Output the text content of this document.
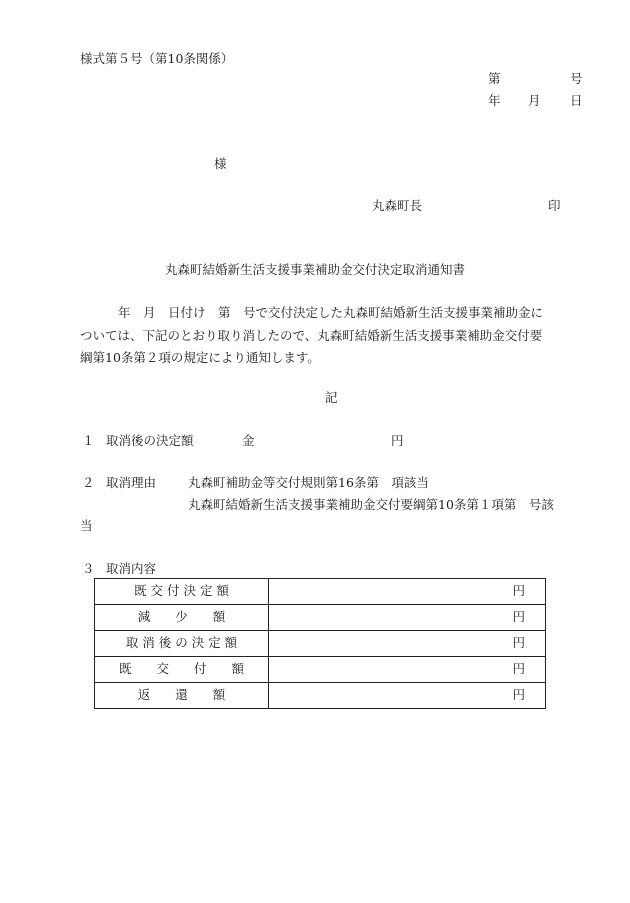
様式第５号（第10条関係）
第	号
年 月 日
様
丸森町長	印
丸森町結婚新生活支援事業補助金交付決定取消通知書
年　月　日付け　第　号で交付決定した丸森町結婚新生活支援事業補助金に
ついては、下記のとおり取り消したので、丸森町結婚新生活支援事業補助金交付要
綱第10条第２項の規定により通知します。
記
１ 取消後の決定額	金	円
２ 取消理由	丸森町補助金等交付規則第16条第　項該当
丸森町結婚新生活支援事業補助金交付要綱第10条第１項第　号該
当
３ 取消内容
既 交 付 決 定 額	円
減　　少　　額	円
取 消 後 の 決 定 額	円
既　　交　　付　　額	円
返　　還　　額	円
